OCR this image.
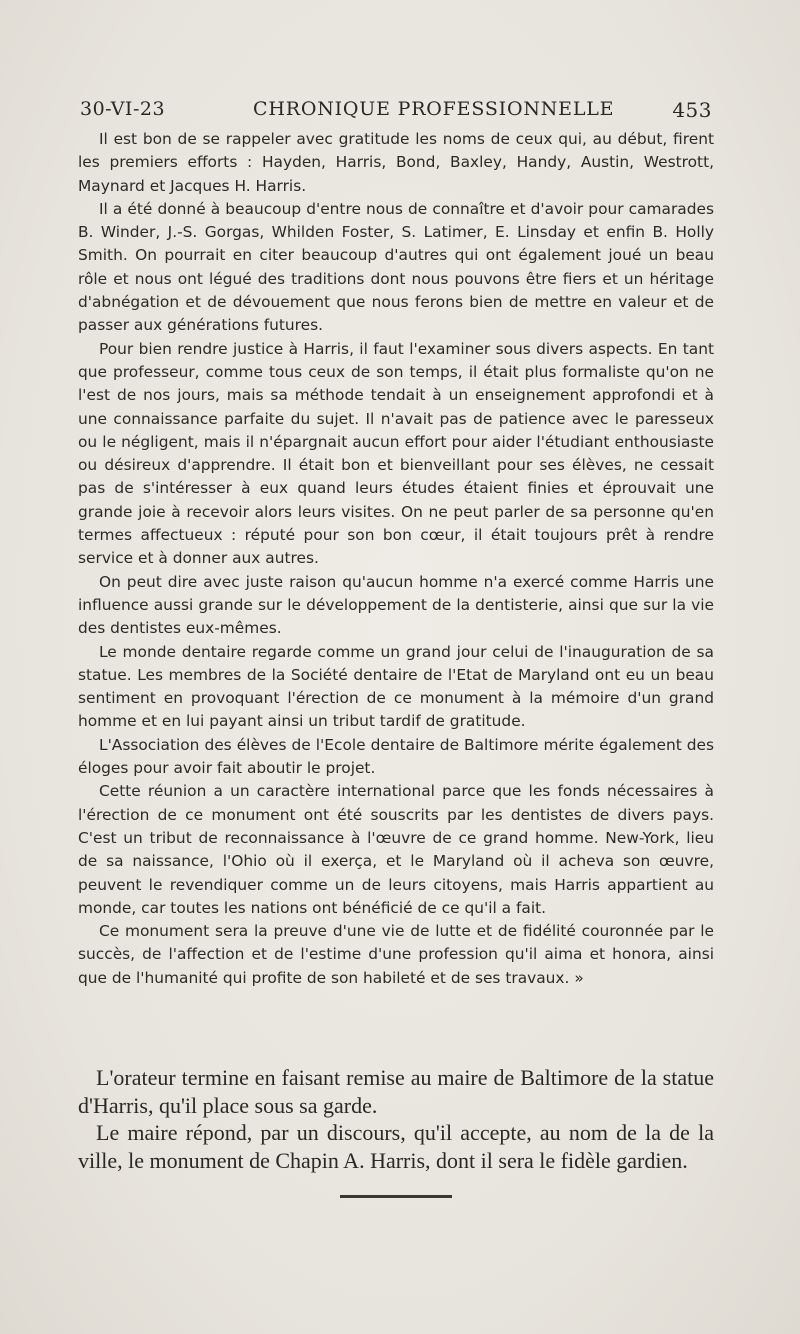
30-VI-23	CHRONIQUE PROFESSIONNELLE	453

Il est bon de se rappeler avec gratitude les noms de ceux qui, au début, firent les premiers efforts : Hayden, Harris, Bond, Baxley, Handy, Austin, Westrott, Maynard et Jacques H. Harris.

Il a été donné à beaucoup d'entre nous de connaître et d'avoir pour camarades B. Winder, J.-S. Gorgas, Whilden Foster, S. Latimer, E. Linsday et enfin B. Holly Smith. On pourrait en citer beaucoup d'autres qui ont également joué un beau rôle et nous ont légué des traditions dont nous pouvons être fiers et un héritage d'abnégation et de dévouement que nous ferons bien de mettre en valeur et de passer aux générations futures.

Pour bien rendre justice à Harris, il faut l'examiner sous divers aspects. En tant que professeur, comme tous ceux de son temps, il était plus formaliste qu'on ne l'est de nos jours, mais sa méthode tendait à un enseignement approfondi et à une connaissance parfaite du sujet. Il n'avait pas de patience avec le paresseux ou le négligent, mais il n'épargnait aucun effort pour aider l'étudiant enthousiaste ou désireux d'apprendre. Il était bon et bienveillant pour ses élèves, ne cessait pas de s'intéresser à eux quand leurs études étaient finies et éprouvait une grande joie à recevoir alors leurs visites. On ne peut parler de sa personne qu'en termes affectueux : réputé pour son bon cœur, il était toujours prêt à rendre service et à donner aux autres.

On peut dire avec juste raison qu'aucun homme n'a exercé comme Harris une influence aussi grande sur le développement de la dentisterie, ainsi que sur la vie des dentistes eux-mêmes.

Le monde dentaire regarde comme un grand jour celui de l'inauguration de sa statue. Les membres de la Société dentaire de l'Etat de Maryland ont eu un beau sentiment en provoquant l'érection de ce monument à la mémoire d'un grand homme et en lui payant ainsi un tribut tardif de gratitude.

L'Association des élèves de l'Ecole dentaire de Baltimore mérite également des éloges pour avoir fait aboutir le projet.

Cette réunion a un caractère international parce que les fonds nécessaires à l'érection de ce monument ont été souscrits par les dentistes de divers pays. C'est un tribut de reconnaissance à l'œuvre de ce grand homme. New-York, lieu de sa naissance, l'Ohio où il exerça, et le Maryland où il acheva son œuvre, peuvent le revendiquer comme un de leurs citoyens, mais Harris appartient au monde, car toutes les nations ont bénéficié de ce qu'il a fait.

Ce monument sera la preuve d'une vie de lutte et de fidélité couronnée par le succès, de l'affection et de l'estime d'une profession qu'il aima et honora, ainsi que de l'humanité qui profite de son habileté et de ses travaux. »

L'orateur termine en faisant remise au maire de Baltimore de la statue d'Harris, qu'il place sous sa garde.

Le maire répond, par un discours, qu'il accepte, au nom de la de la ville, le monument de Chapin A. Harris, dont il sera le fidèle gardien.
